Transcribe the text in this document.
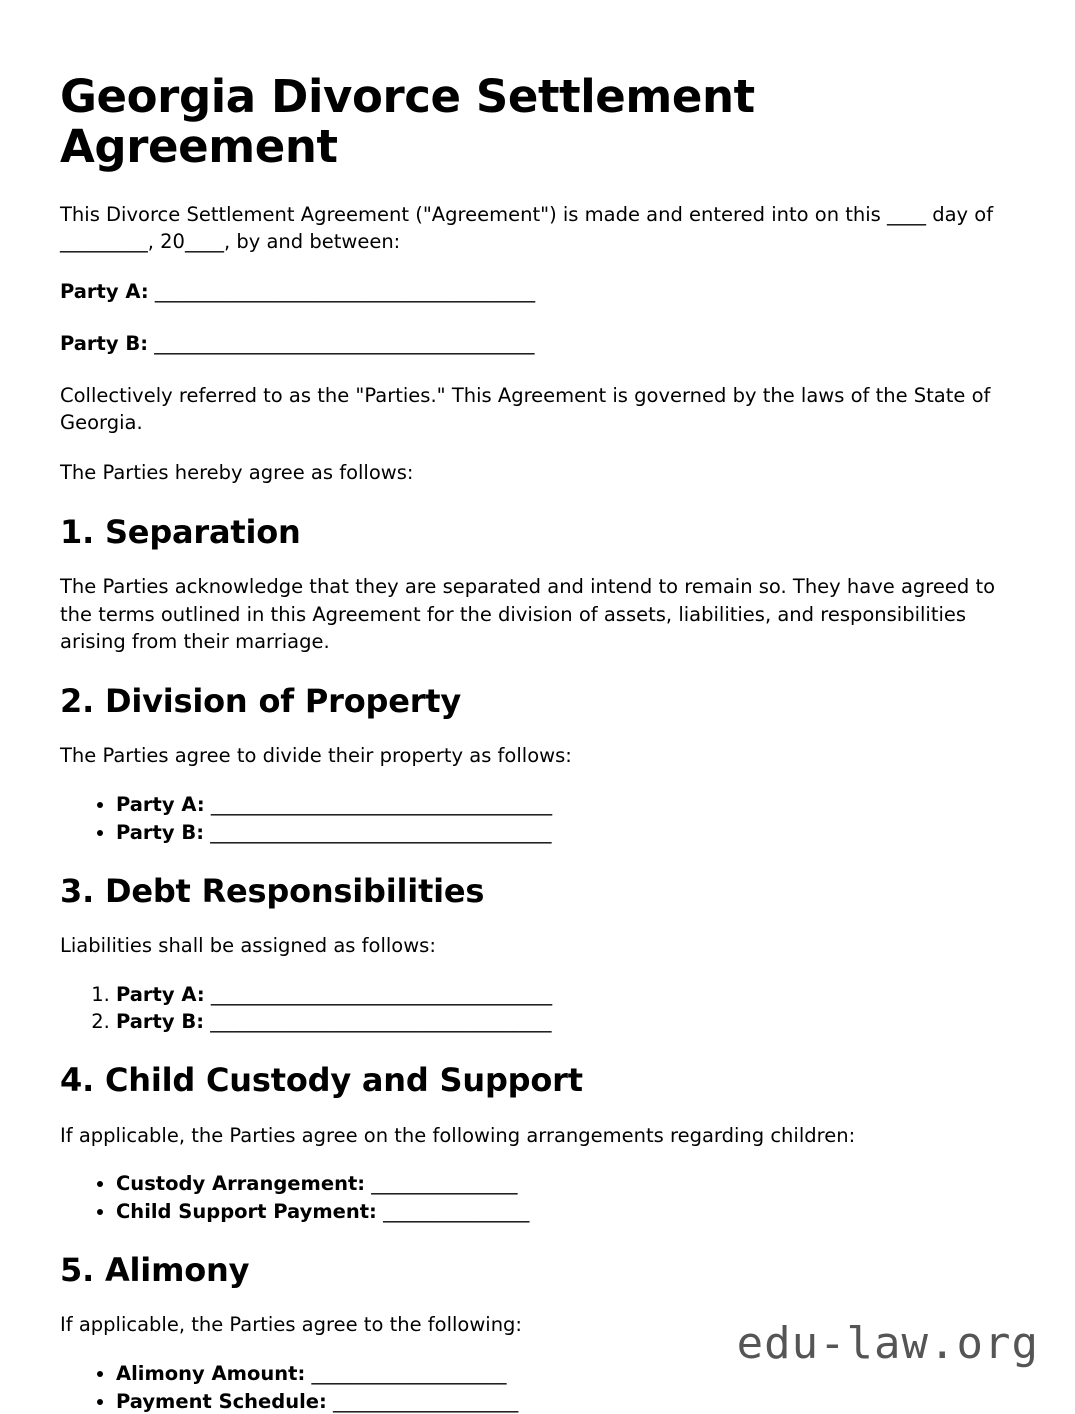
Georgia Divorce Settlement Agreement

This Divorce Settlement Agreement ("Agreement") is made and entered into on this ____ day of _________, 20____, by and between:

Party A: _______________________________________

Party B: _______________________________________

Collectively referred to as the "Parties." This Agreement is governed by the laws of the State of Georgia.

The Parties hereby agree as follows:

1. Separation

The Parties acknowledge that they are separated and intend to remain so. They have agreed to the terms outlined in this Agreement for the division of assets, liabilities, and responsibilities arising from their marriage.

2. Division of Property

The Parties agree to divide their property as follows:

• Party A: ___________________________________
• Party B: ___________________________________
3. Debt Responsibilities

Liabilities shall be assigned as follows:

1. Party A: ___________________________________
2. Party B: ___________________________________
4. Child Custody and Support

If applicable, the Parties agree on the following arrangements regarding children:

• Custody Arrangement: _______________
• Child Support Payment: _______________
5. Alimony

If applicable, the Parties agree to the following:

• Alimony Amount: ____________________
• Payment Schedule: ___________________
edu-law.org
